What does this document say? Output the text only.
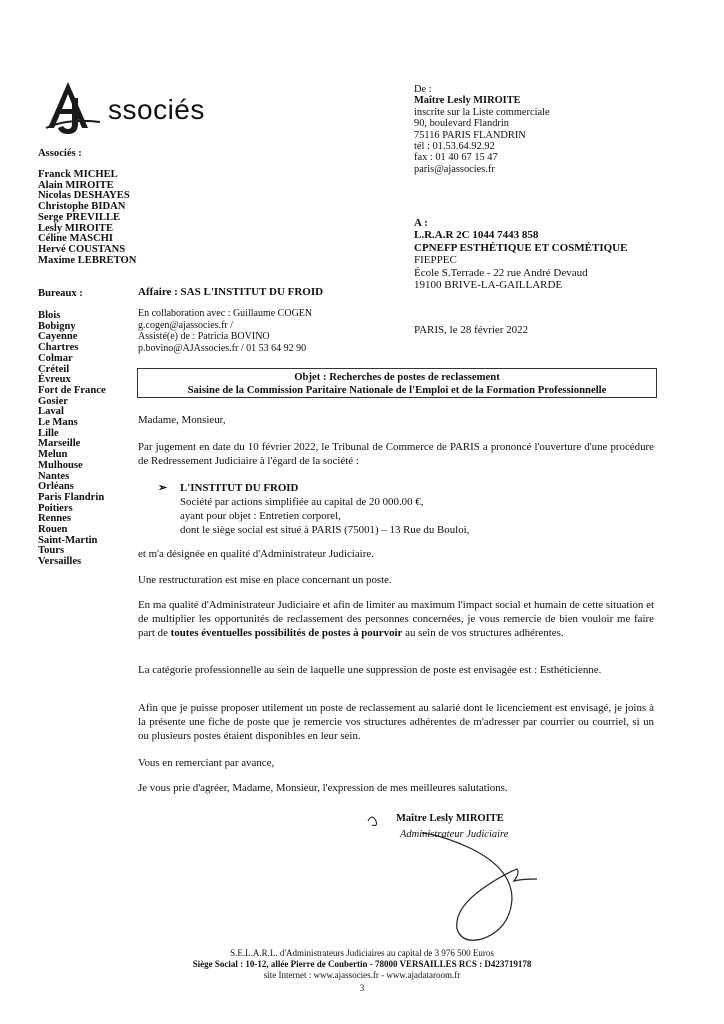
ssociés
Associés :
Franck MICHEL
Alain MIROITE
Nicolas DESHAYES
Christophe BIDAN
Serge PREVILLE
Lesly MIROITE
Céline MASCHI
Hervé COUSTANS
Maxime LEBRETON
Bureaux :
Blois
Bobigny
Cayenne
Chartres
Colmar
Créteil
Évreux
Fort de France
Gosier
Laval
Le Mans
Lille
Marseille
Melun
Mulhouse
Nantes
Orléans
Paris Flandrin
Poitiers
Rennes
Rouen
Saint-Martin
Tours
Versailles
De :
Maître Lesly MIROITE
inscrite sur la Liste commerciale
90, boulevard Flandrin
75116 PARIS FLANDRIN
tél : 01.53.64.92.92
fax : 01 40 67 15 47
paris@ajassocies.fr
A :
L.R.A.R 2C 1044 7443 858
CPNEFP ESTHÉTIQUE ET COSMÉTIQUE
FIEPPEC
École S.Terrade - 22 rue André Devaud
19100 BRIVE-LA-GAILLARDE
Affaire : SAS L'INSTITUT DU FROID
En collaboration avec : Guillaume COGEN
g.cogen@ajassocies.fr /
Assisté(e) de : Patricia BOVINO
p.bovino@AJAssocies.fr / 01 53 64 92 90
PARIS, le 28 février 2022
Objet : Recherches de postes de reclassement
Saisine de la Commission Paritaire Nationale de l'Emploi et de la Formation Professionnelle
Madame, Monsieur,
Par jugement en date du 10 février 2022, le Tribunal de Commerce de PARIS a prononcé l'ouverture d'une procédure de Redressement Judiciaire à l'égard de la société :
➢ L'INSTITUT DU FROID
Société par actions simplifiée au capital de 20 000.00 €,
ayant pour objet : Entretien corporel,
dont le siège social est situé à PARIS (75001) – 13 Rue du Bouloi,
et m'a désignée en qualité d'Administrateur Judiciaire.
Une restructuration est mise en place concernant un poste.
En ma qualité d'Administrateur Judiciaire et afin de limiter au maximum l'impact social et humain de cette situation et de multiplier les opportunités de reclassement des personnes concernées, je vous remercie de bien vouloir me faire part de toutes éventuelles possibilités de postes à pourvoir au sein de vos structures adhérentes.
La catégorie professionnelle au sein de laquelle une suppression de poste est envisagée est : Esthéticienne.
Afin que je puisse proposer utilement un poste de reclassement au salarié dont le licenciement est envisagé, je joins à la présente une fiche de poste que je remercie vos structures adhérentes de m'adresser par courrier ou courriel, si un ou plusieurs postes étaient disponibles en leur sein.
Vous en remerciant par avance,
Je vous prie d'agréer, Madame, Monsieur, l'expression de mes meilleures salutations.
Maître Lesly MIROITE
Administrateur Judiciaire
S.E.L.A.R.L. d'Administrateurs Judiciaires au capital de 3 976 500 Euros
Siège Social : 10-12, allée Pierre de Coubertin - 78000 VERSAILLES RCS : D423719178
site Internet : www.ajassocies.fr - www.ajadataroom.fr
3
